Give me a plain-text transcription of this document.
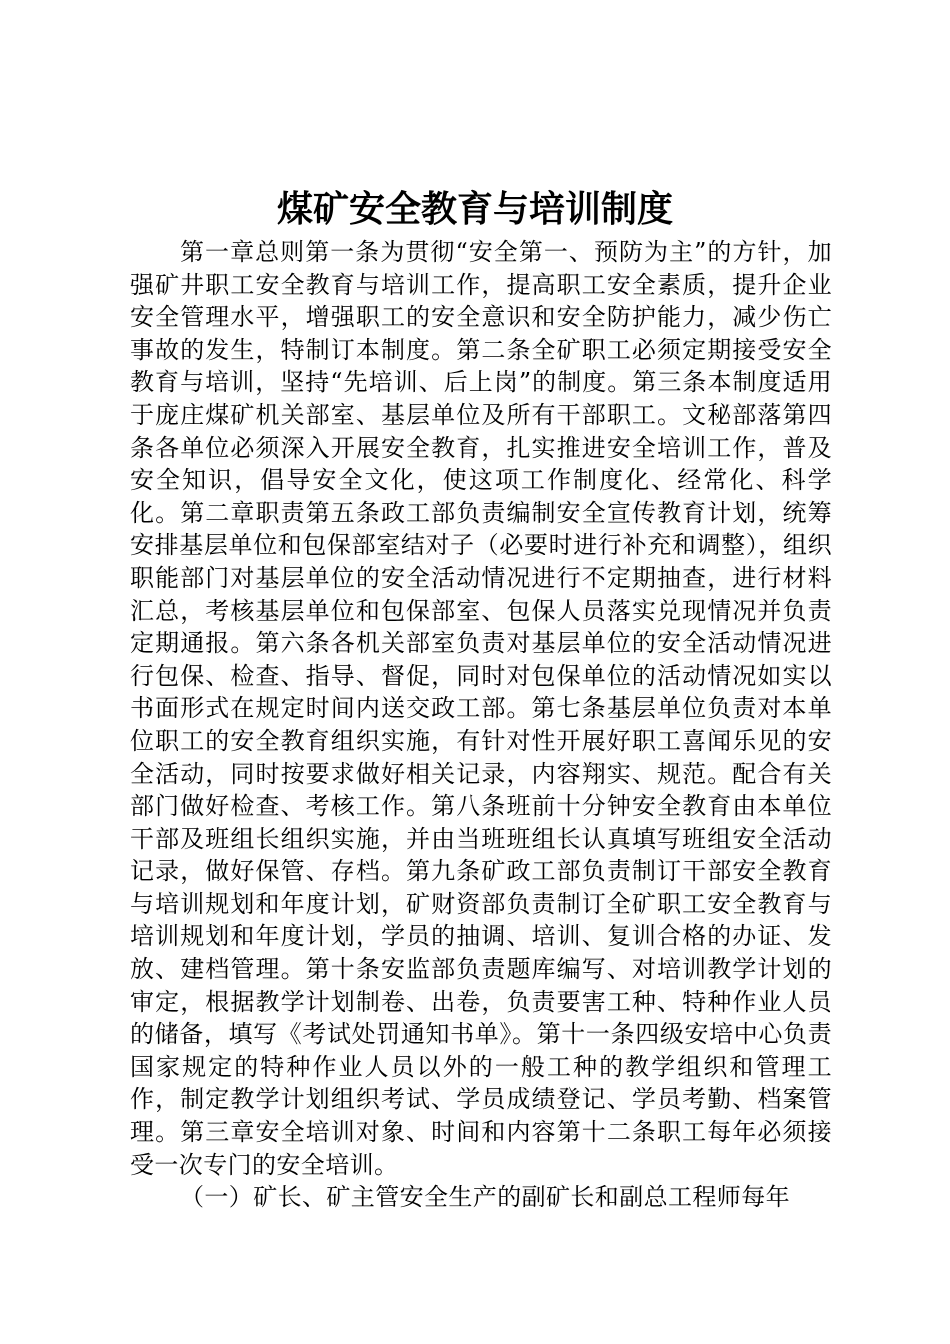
煤矿安全教育与培训制度

第一章总则第一条为贯彻“安全第一、预防为主”的方针，加强矿井职工安全教育与培训工作，提高职工安全素质，提升企业安全管理水平，增强职工的安全意识和安全防护能力，减少伤亡事故的发生，特制订本制度。第二条全矿职工必须定期接受安全教育与培训，坚持“先培训、后上岗”的制度。第三条本制度适用于庞庄煤矿机关部室、基层单位及所有干部职工。文秘部落第四条各单位必须深入开展安全教育，扎实推进安全培训工作，普及安全知识，倡导安全文化，使这项工作制度化、经常化、科学化。第二章职责第五条政工部负责编制安全宣传教育计划，统筹安排基层单位和包保部室结对子（必要时进行补充和调整），组织职能部门对基层单位的安全活动情况进行不定期抽查，进行材料汇总，考核基层单位和包保部室、包保人员落实兑现情况并负责定期通报。第六条各机关部室负责对基层单位的安全活动情况进行包保、检查、指导、督促，同时对包保单位的活动情况如实以书面形式在规定时间内送交政工部。第七条基层单位负责对本单位职工的安全教育组织实施，有针对性开展好职工喜闻乐见的安全活动，同时按要求做好相关记录，内容翔实、规范。配合有关部门做好检查、考核工作。第八条班前十分钟安全教育由本单位干部及班组长组织实施，并由当班班组长认真填写班组安全活动记录，做好保管、存档。第九条矿政工部负责制订干部安全教育与培训规划和年度计划，矿财资部负责制订全矿职工安全教育与培训规划和年度计划，学员的抽调、培训、复训合格的办证、发放、建档管理。第十条安监部负责题库编写、对培训教学计划的审定，根据教学计划制卷、出卷，负责要害工种、特种作业人员的储备，填写《考试处罚通知书单》。第十一条四级安培中心负责国家规定的特种作业人员以外的一般工种的教学组织和管理工作，制定教学计划组织考试、学员成绩登记、学员考勤、档案管理。第三章安全培训对象、时间和内容第十二条职工每年必须接受一次专门的安全培训。

（一）矿长、矿主管安全生产的副矿长和副总工程师每年
